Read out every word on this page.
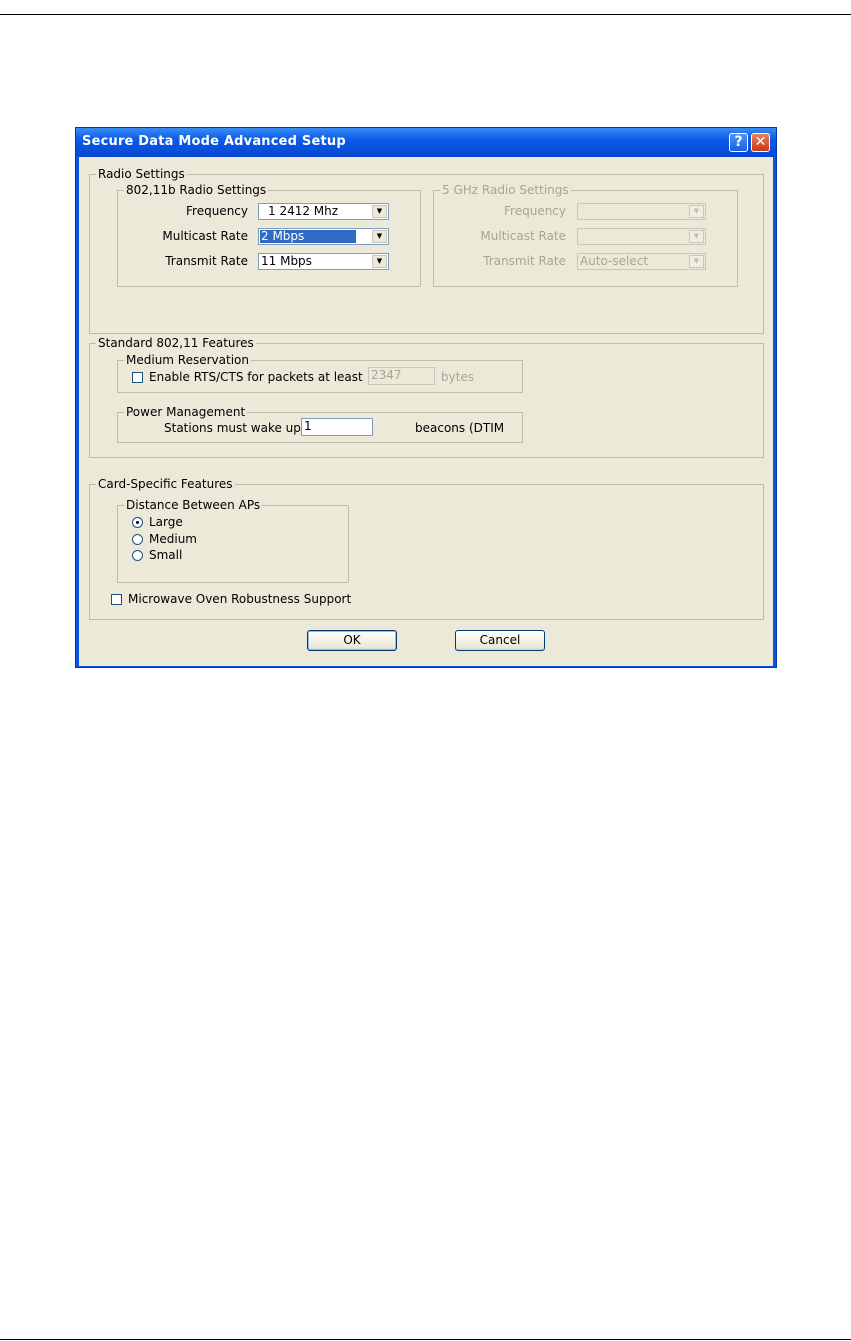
Secure Data Mode Advanced Setup	? ✕
Radio Settings
802,11b Radio Settings
Frequency 1 2412 Mhz	▼
Multicast Rate 2 Mbps	▼
Transmit Rate 11 Mbps	▼
5 GHz Radio Settings
Frequency	▼
Multicast Rate	▼
Transmit Rate Auto-select	▼
Standard 802,11 Features
Medium Reservation
Enable RTS/CTS for packets at least 2347	bytes
Power Management
Stations must wake up 1	beacons (DTIM
Card-Specific Features
Distance Between APs
Large
Medium
Small
Microwave Oven Robustness Support
OK	Cancel
